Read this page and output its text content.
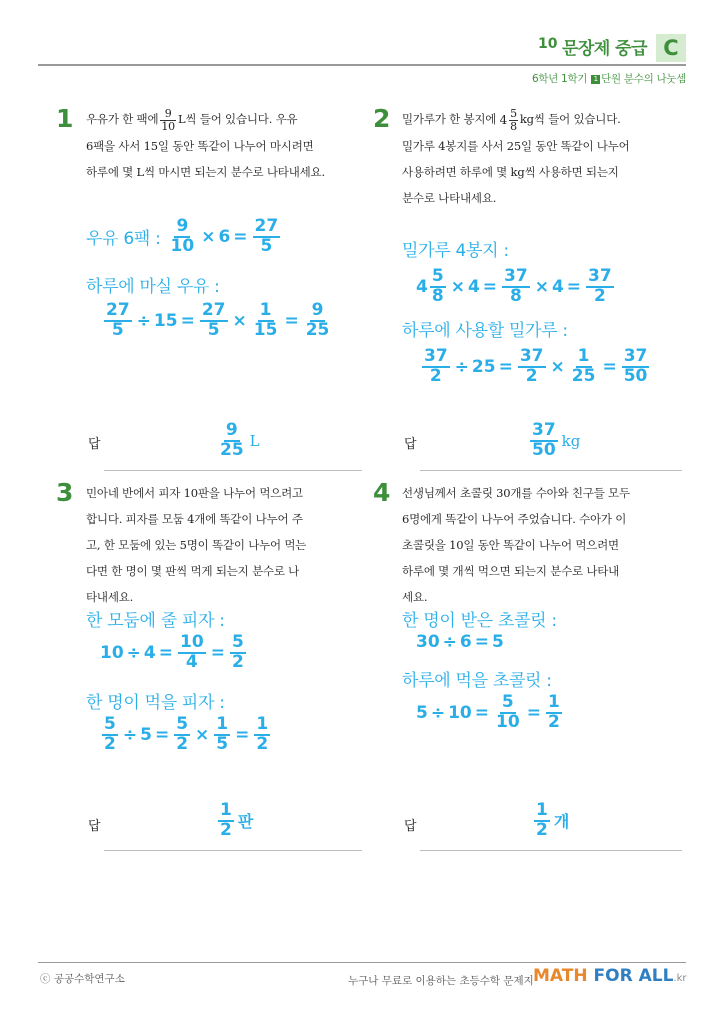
10 문장제 중급 C
6학년 1학기 1 단원 분수의 나눗셈
1 우유가 한 팩에 $\frac{9}{10}$ L씩 들어 있습니다. 우유
6팩을 사서 15일 동안 똑같이 나누어 마시려면
하루에 몇 L씩 마시면 되는지 분수로 나타내세요.
우유 6팩 : $\frac{9}{10} \times 6 = \frac{27}{5}$
하루에 마실 우유 :
$\frac{27}{5} \div 15 = \frac{27}{5} \times \frac{1}{15} = \frac{9}{25}$
답	$\frac{9}{25}$ L
2 밀가루가 한 봉지에 $4 \frac{5}{8}$ kg씩 들어 있습니다.
밀가루 4봉지를 사서 25일 동안 똑같이 나누어
사용하려면 하루에 몇 kg씩 사용하면 되는지
분수로 나타내세요.
밀가루 4봉지 :
$4 \frac{5}{8} \times 4 = \frac{37}{8} \times 4 = \frac{37}{2}$
하루에 사용할 밀가루 :
$\frac{37}{2} \div 25 = \frac{37}{2} \times \frac{1}{25} = \frac{37}{50}$
답	$\frac{37}{50}$ kg
3 민아네 반에서 피자 10판을 나누어 먹으려고
합니다. 피자를 모둠 4개에 똑같이 나누어 주
고, 한 모둠에 있는 5명이 똑같이 나누어 먹는
다면 한 명이 몇 판씩 먹게 되는지 분수로 나
타내세요.
한 모둠에 줄 피자 :
$10 \div 4 = \frac{10}{4} = \frac{5}{2}$
한 명이 먹을 피자 :
$\frac{5}{2} \div 5 = \frac{5}{2} \times \frac{1}{5} = \frac{1}{2}$
답	$\frac{1}{2}$ 판
4 선생님께서 초콜릿 30개를 수아와 친구들 모두
6명에게 똑같이 나누어 주었습니다. 수아가 이
초콜릿을 10일 동안 똑같이 나누어 먹으려면
하루에 몇 개씩 먹으면 되는지 분수로 나타내
세요.
한 명이 받은 초콜릿 :
30 ÷ 6 = 5
하루에 먹을 초콜릿 :
$5 \div 10 = \frac{5}{10} = \frac{1}{2}$
답	$\frac{1}{2}$ 개
ⓒ 공공수학연구소	누구나 무료로 이용하는 초등수학 문제지 MATH FOR ALL.kr
